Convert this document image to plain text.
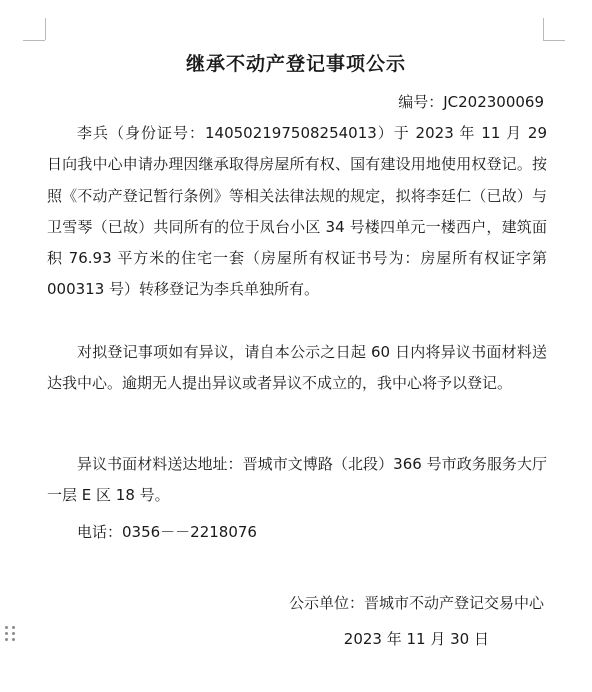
继承不动产登记事项公示
编号：JC202300069

李兵（身份证号：140502197508254013）于 2023 年 11 月 29 日向我中心申请办理因继承取得房屋所有权、国有建设用地使用权登记。按照《不动产登记暂行条例》等相关法律法规的规定，拟将李廷仁（已故）与卫雪琴（已故）共同所有的位于凤台小区 34 号楼四单元一楼西户，建筑面积 76.93 平方米的住宅一套（房屋所有权证书号为：房屋所有权证字第 000313 号）转移登记为李兵单独所有。

对拟登记事项如有异议，请自本公示之日起 60 日内将异议书面材料送达我中心。逾期无人提出异议或者异议不成立的，我中心将予以登记。

异议书面材料送达地址：晋城市文博路（北段）366 号市政务服务大厅一层 E 区 18 号。

电话：0356－－2218076
公示单位：晋城市不动产登记交易中心
2023 年 11 月 30 日
